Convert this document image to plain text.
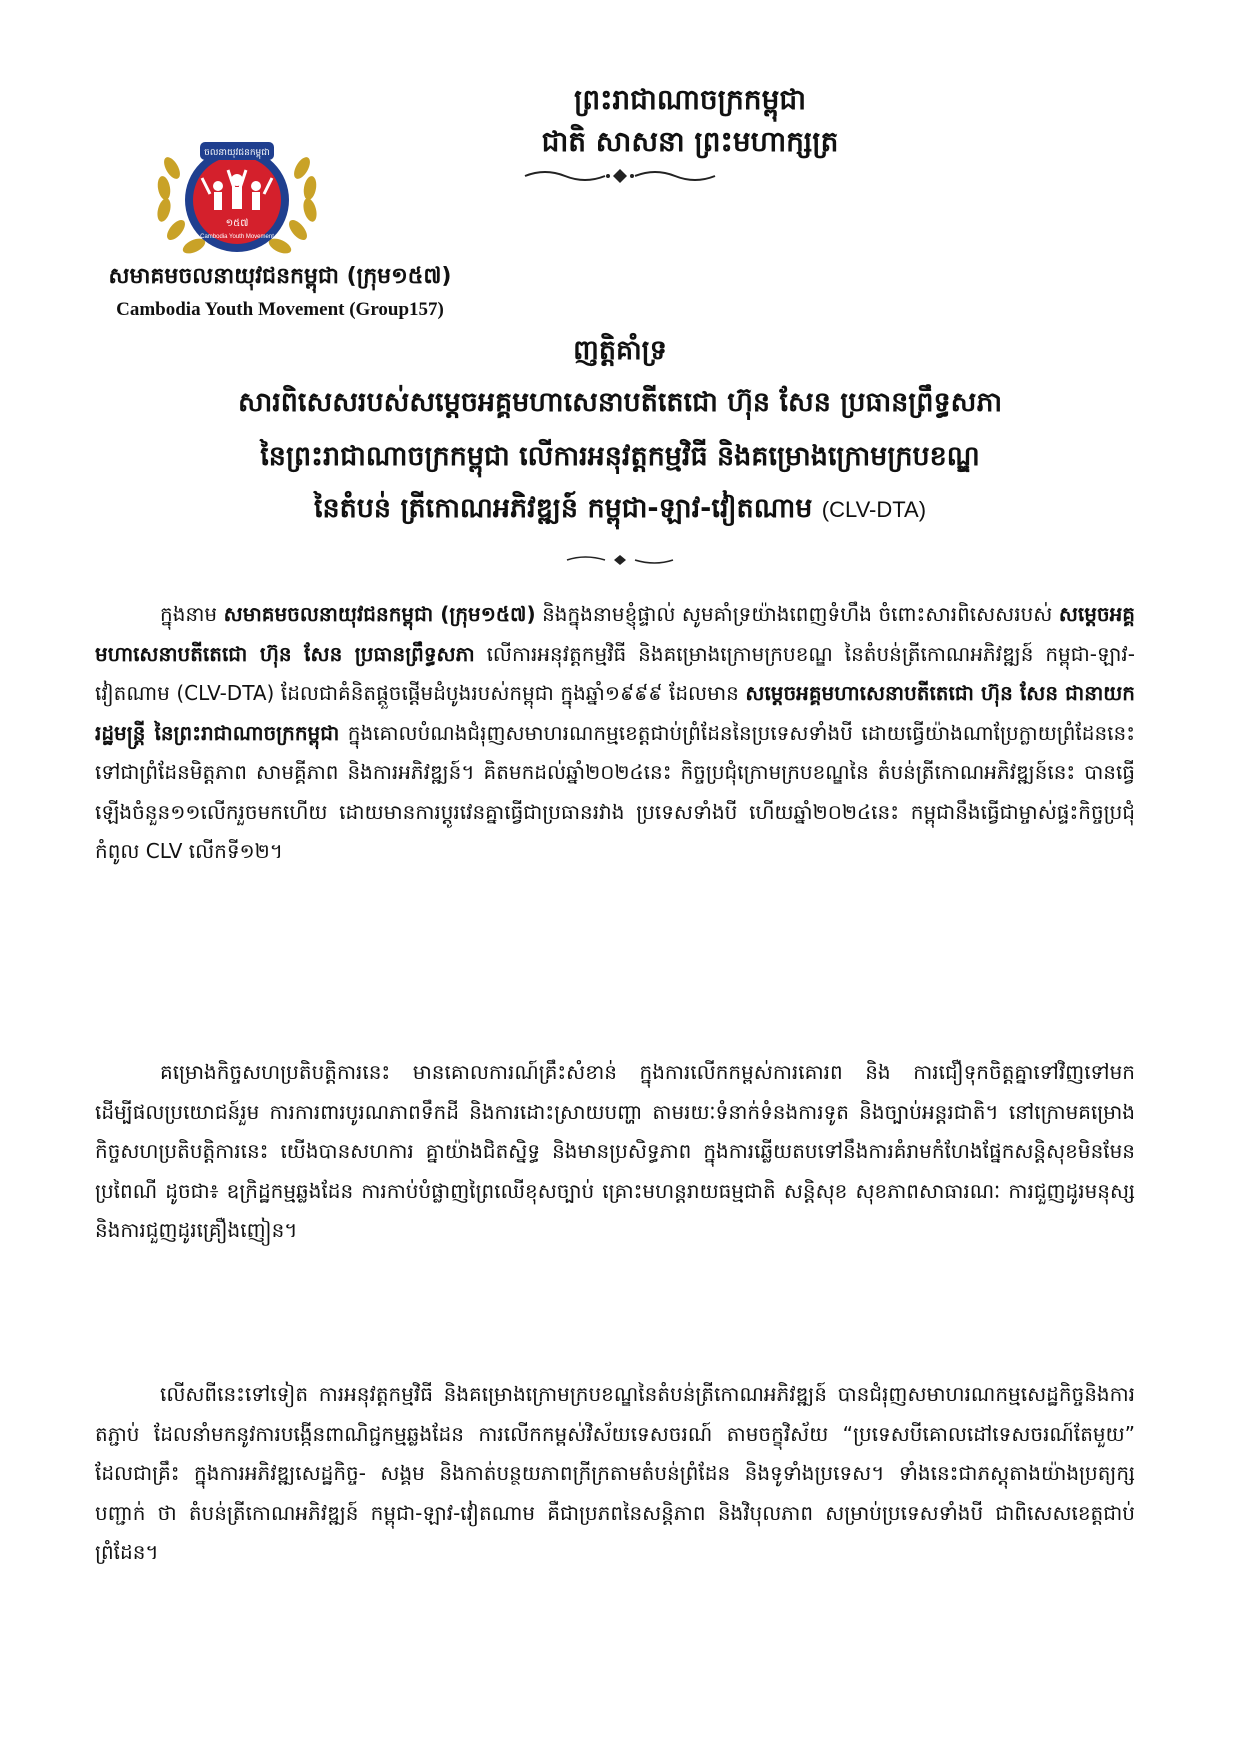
ព្រះរាជាណាចក្រកម្ពុជា
ជាតិ សាសនា ព្រះមហាក្សត្រ
ចលនាយុវជនកម្ពុជា
១៥៧
Cambodia Youth Movement
សមាគមចលនាយុវជនកម្ពុជា (ក្រុម១៥៧)
Cambodia Youth Movement (Group157)
ញត្តិគាំទ្រ
សារពិសេសរបស់សម្តេចអគ្គមហាសេនាបតីតេជោ ហ៊ុន សែន ប្រធានព្រឹទ្ធសភា
នៃព្រះរាជាណាចក្រកម្ពុជា លើការអនុវត្តកម្មវិធី និងគម្រោងក្រោមក្របខណ្ឌ
នៃតំបន់ ត្រីកោណអភិវឌ្ឍន៍ កម្ពុជា-ឡាវ-វៀតណាម (CLV-DTA)
ក្នុងនាម សមាគមចលនាយុវជនកម្ពុជា (ក្រុម១៥៧) និងក្នុងនាមខ្ញុំផ្ទាល់ សូមគាំទ្រយ៉ាងពេញទំហឹង ចំពោះសារពិសេសរបស់ សម្តេចអគ្គមហាសេនាបតីតេជោ ហ៊ុន សែន ប្រធានព្រឹទ្ធសភា លើការអនុវត្តកម្មវិធី និងគម្រោងក្រោមក្របខណ្ឌ នៃតំបន់ត្រីកោណអភិវឌ្ឍន៍ កម្ពុជា-ឡាវ-វៀតណាម (CLV-DTA) ដែលជាគំនិតផ្តួចផ្តើមដំបូងរបស់កម្ពុជា ក្នុងឆ្នាំ១៩៩៩ ដែលមាន សម្តេចអគ្គមហាសេនាបតីតេជោ ហ៊ុន សែន ជានាយករដ្ឋមន្ត្រី នៃព្រះរាជាណាចក្រកម្ពុជា ក្នុងគោលបំណងជំរុញសមាហរណកម្មខេត្តជាប់ព្រំដែននៃប្រទេសទាំងបី ដោយធ្វើយ៉ាងណាប្រែក្លាយព្រំដែននេះ ទៅជាព្រំដែនមិត្តភាព សាមគ្គីភាព និងការអភិវឌ្ឍន៍។ គិតមកដល់ឆ្នាំ២០២៤នេះ កិច្ចប្រជុំក្រោមក្របខណ្ឌនៃ តំបន់ត្រីកោណអភិវឌ្ឍន៍នេះ បានធ្វើឡើងចំនួន១១លើករួចមកហើយ ដោយមានការប្តូរវេនគ្នាធ្វើជាប្រធានរវាង ប្រទេសទាំងបី ហើយឆ្នាំ២០២៤នេះ កម្ពុជានឹងធ្វើជាម្ចាស់ផ្ទះកិច្ចប្រជុំកំពូល CLV លើកទី១២។
គម្រោងកិច្ចសហប្រតិបត្តិការនេះ មានគោលការណ៍គ្រឹះសំខាន់ ក្នុងការលើកកម្ពស់ការគោរព និង ការជឿទុកចិត្តគ្នាទៅវិញទៅមក ដើម្បីផលប្រយោជន៍រួម ការការពារបូរណភាពទឹកដី និងការដោះស្រាយបញ្ហា តាមរយៈទំនាក់ទំនងការទូត និងច្បាប់អន្តរជាតិ។ នៅក្រោមគម្រោងកិច្ចសហប្រតិបត្តិការនេះ យើងបានសហការ គ្នាយ៉ាងជិតស្និទ្ធ និងមានប្រសិទ្ធភាព ក្នុងការឆ្លើយតបទៅនឹងការគំរាមកំហែងផ្នែកសន្តិសុខមិនមែនប្រពៃណី ដូចជា៖ ឧក្រិដ្ឋកម្មឆ្លងដែន ការកាប់បំផ្លាញព្រៃឈើខុសច្បាប់ គ្រោះមហន្តរាយធម្មជាតិ សន្តិសុខ សុខភាពសាធារណៈ ការជួញដូរមនុស្ស និងការជួញដូរគ្រឿងញៀន។
លើសពីនេះទៅទៀត ការអនុវត្តកម្មវិធី និងគម្រោងក្រោមក្របខណ្ឌនៃតំបន់ត្រីកោណអភិវឌ្ឍន៍ បានជំរុញសមាហរណកម្មសេដ្ឋកិច្ចនិងការតភ្ជាប់ ដែលនាំមកនូវការបង្កើនពាណិជ្ជកម្មឆ្លងដែន ការលើកកម្ពស់វិស័យទេសចរណ៍ តាមចក្ខុវិស័យ “ប្រទេសបីគោលដៅទេសចរណ៍តែមួយ” ដែលជាគ្រឹះ ក្នុងការអភិវឌ្ឍសេដ្ឋកិច្ច- សង្គម និងកាត់បន្ថយភាពក្រីក្រតាមតំបន់ព្រំដែន និងទូទាំងប្រទេស។ ទាំងនេះជាភស្តុតាងយ៉ាងប្រត្យក្សបញ្ជាក់ ថា តំបន់ត្រីកោណអភិវឌ្ឍន៍ កម្ពុជា-ឡាវ-វៀតណាម គឺជាប្រភពនៃសន្តិភាព និងវិបុលភាព សម្រាប់ប្រទេសទាំងបី ជាពិសេសខេត្តជាប់ព្រំដែន។
